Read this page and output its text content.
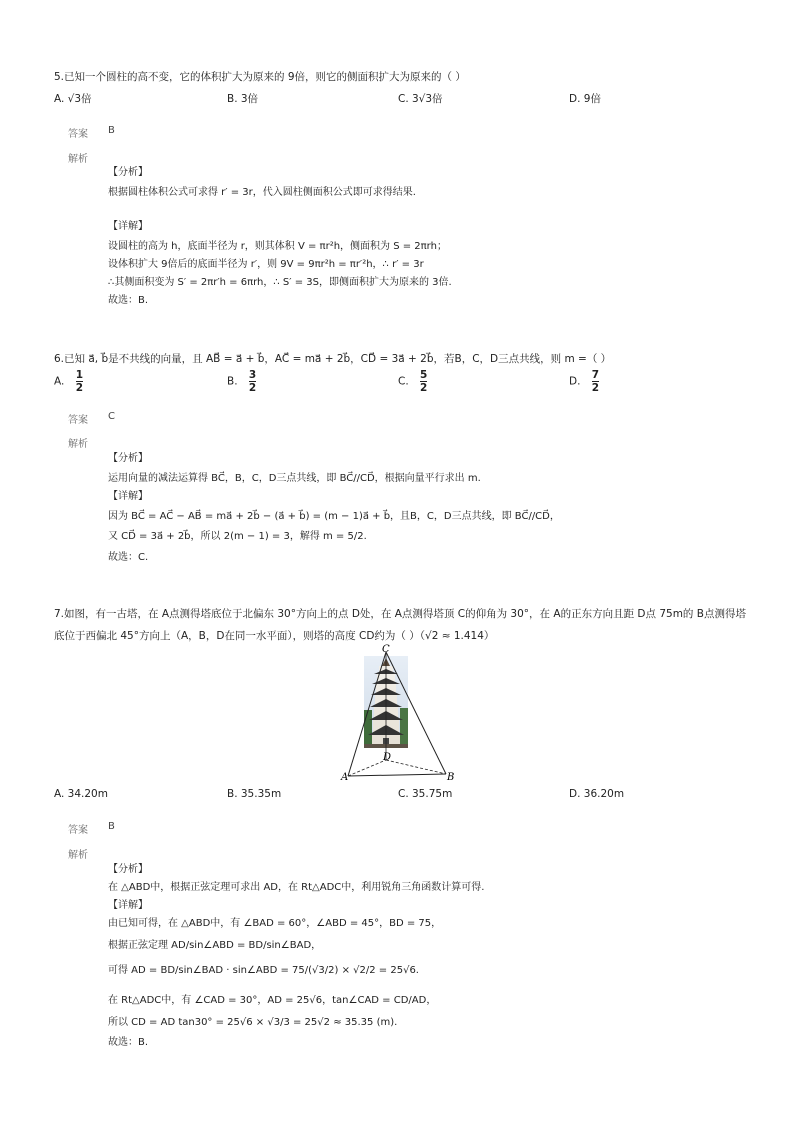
5.已知一个圆柱的高不变，它的体积扩大为原来的 9倍，则它的侧面积扩大为原来的（ ）
A. √3倍	B. 3倍	C. 3√3倍	D. 9倍
答案 B
解析
【分析】
根据圆柱体积公式可求得 r′ = 3r，代入圆柱侧面积公式即可求得结果.
【详解】
设圆柱的高为 h，底面半径为 r，则其体积 V = πr²h，侧面积为 S = 2πrh；
设体积扩大 9倍后的底面半径为 r′，则 9V = 9πr²h = πr′²h，∴ r′ = 3r
∴其侧面积变为 S′ = 2πr′h = 6πrh，∴ S′ = 3S，即侧面积扩大为原来的 3倍.
故选：B.
6.已知 a⃗, b⃗是不共线的向量，且 AB⃗ = a⃗ + b⃗，AC⃗ = ma⃗ + 2b⃗，CD⃗ = 3a⃗ + 2b⃗，若B，C，D三点共线，则 m =（ ）
A. $\frac{1}{2}$	B. $\frac{3}{2}$	C. $\frac{5}{2}$	D. $\frac{7}{2}$
答案 C
解析
【分析】
运用向量的减法运算得 BC⃗，B，C，D三点共线，即 BC⃗//CD⃗，根据向量平行求出 m.
【详解】
因为 BC⃗ = AC⃗ − AB⃗ = ma⃗ + 2b⃗ − (a⃗ + b⃗) = (m − 1)a⃗ + b⃗，且B，C，D三点共线，即 BC⃗//CD⃗，
又 CD⃗ = 3a⃗ + 2b⃗，所以 2(m − 1) = 3，解得 m = 5/2.
故选：C.
7.如图，有一古塔，在 A点测得塔底位于北偏东 30°方向上的点 D处，在 A点测得塔顶 C的仰角为 30°，在 A的正东方向且距 D点 75m的 B点测得塔
底位于西偏北 45°方向上（A，B，D在同一水平面），则塔的高度 CD约为（ ）（√2 ≈ 1.414）
C
D
A	B
A. 34.20m	B. 35.35m	C. 35.75m	D. 36.20m
答案 B
解析
【分析】
在 △ABD中，根据正弦定理可求出 AD，在 Rt△ADC中，利用锐角三角函数计算可得.
【详解】
由已知可得，在 △ABD中，有 ∠BAD = 60°，∠ABD = 45°，BD = 75，
根据正弦定理 AD/sin∠ABD = BD/sin∠BAD，
可得 AD = BD/sin∠BAD · sin∠ABD = 75/(√3/2) × √2/2 = 25√6.
在 Rt△ADC中，有 ∠CAD = 30°，AD = 25√6，tan∠CAD = CD/AD，
所以 CD = AD tan30° = 25√6 × √3/3 = 25√2 ≈ 35.35 (m).
故选：B.
